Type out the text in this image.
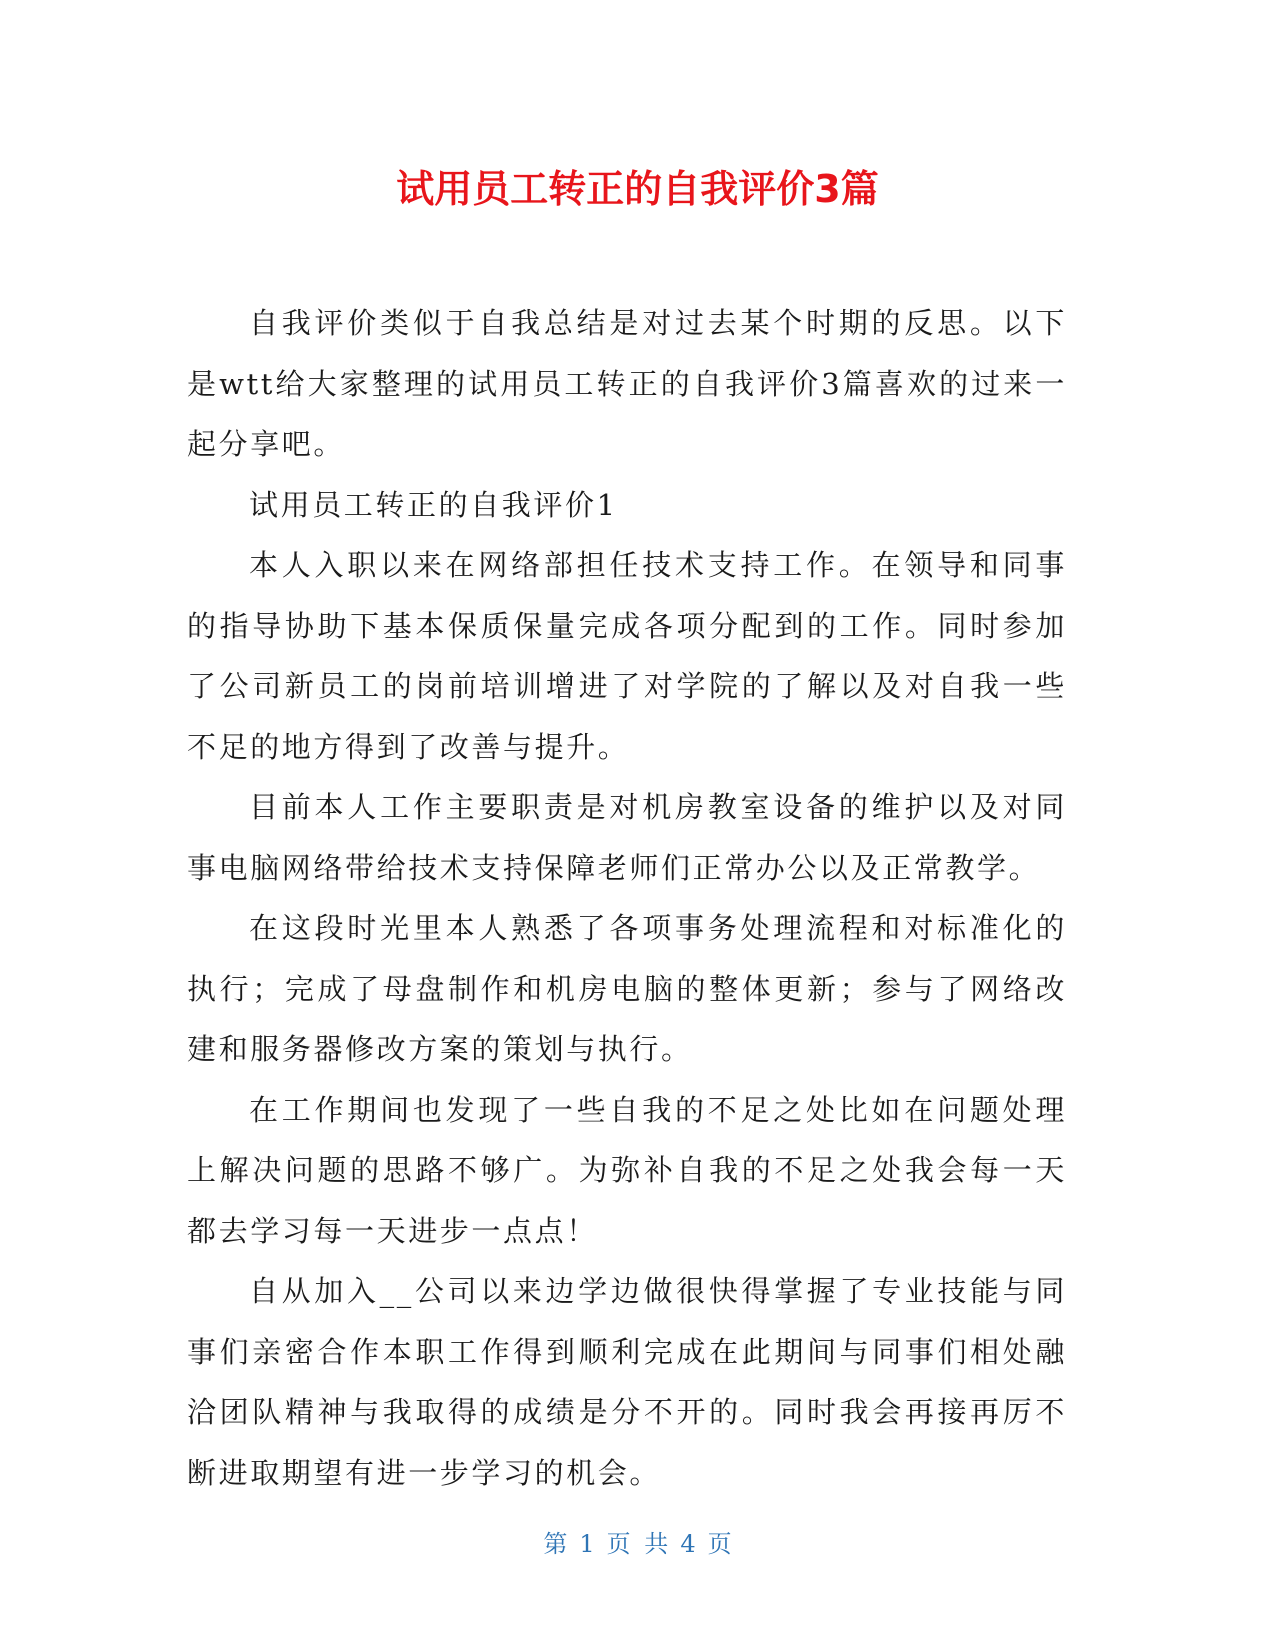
试用员工转正的自我评价3篇

自我评价类似于自我总结是对过去某个时期的反思。以下是wtt给大家整理的试用员工转正的自我评价3篇喜欢的过来一起分享吧。

试用员工转正的自我评价1

本人入职以来在网络部担任技术支持工作。在领导和同事的指导协助下基本保质保量完成各项分配到的工作。同时参加了公司新员工的岗前培训增进了对学院的了解以及对自我一些不足的地方得到了改善与提升。

目前本人工作主要职责是对机房教室设备的维护以及对同事电脑网络带给技术支持保障老师们正常办公以及正常教学。

在这段时光里本人熟悉了各项事务处理流程和对标准化的执行；完成了母盘制作和机房电脑的整体更新；参与了网络改建和服务器修改方案的策划与执行。

在工作期间也发现了一些自我的不足之处比如在问题处理上解决问题的思路不够广。为弥补自我的不足之处我会每一天都去学习每一天进步一点点！

自从加入__公司以来边学边做很快得掌握了专业技能与同事们亲密合作本职工作得到顺利完成在此期间与同事们相处融洽团队精神与我取得的成绩是分不开的。同时我会再接再厉不断进取期望有进一步学习的机会。

第 1 页 共 4 页
